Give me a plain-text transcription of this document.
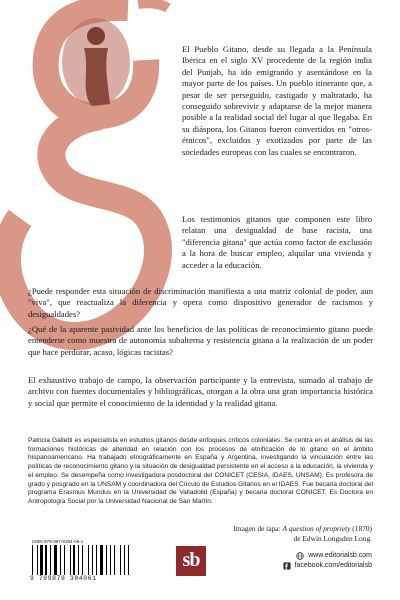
El Pueblo Gitano, desde su llegada a la Península Ibérica en el siglo XV procedente de la región india del Punjab, ha ido emigrando y asentándose en la mayor parte de los países. Un pueblo itinerante que, a pesar de ser perseguido, castigado y maltratado, ha conseguido sobrevivir y adaptarse de la mejor manera posible a la realidad social del lugar al que llegaba. En su diáspora, los Gitanos fueron convertidos en "otros-étnicos", excluidos y exotizados por parte de las sociedades europeas con las cuales se encontraron.

Los testimonios gitanos que componen este libro relatan una desigualdad de base racista, una "diferencia gitana" que actúa como factor de exclusión a la hora de buscar empleo, alquilar una vivienda y acceder a la educación.

¿Puede responder esta situación de discriminación manifiesta a una matriz colonial de poder, aun "viva", que reactualiza la diferencia y opera como dispositivo generador de racismos y desigualdades?

¿Qué de la aparente pasividad ante los beneficios de las políticas de reconocimiento gitano puede entenderse como muestra de autonomía subalterna y resistencia gitana a la realización de un poder que hace perdurar, acaso, lógicas racistas?

El exhaustivo trabajo de campo, la observación participante y la entrevista, sumado al trabajo de archivo con fuentes documentales y bibliográficas, otorgan a la obra una gran importancia histórica y social que permite el conocimiento de la identidad y la realidad gitana.

Patricia Galletti es especialista en estudios gitanos desde enfoques críticos coloniales. Se centra en el análisis de las formaciones históricas de alteridad en relación con los procesos de etnificación de lo gitano en el ámbito hispanoamericano. Ha trabajado etnográficamente en España y Argentina, investigando la vinculación entre las políticas de reconocimiento gitano y la situación de desigualdad persistente en el acceso a la educación, la vivienda y el empleo. Se desempeña como investigadora posdoctoral del CONICET (CESIA, IDAES, UNSAM). Es profesora de grado y posgrado en la UNSAM y coordinadora del Círculo de Estudios Gitanos en el IDAES. Fue becaria doctoral del programa Erasmus Mundus en la Universidad de Valladolid (España) y becaria doctoral CONICET. Es Doctora en Antropología Social por la Universidad Nacional de San Martín.

Imagen de tapa: A question of propriety (1870)
de Edwin Longsden Long.

ISBN 978-987-8384-06-1
9 789878 384061
sb	www.editorialsb.com
facebook.com/editorialsb
